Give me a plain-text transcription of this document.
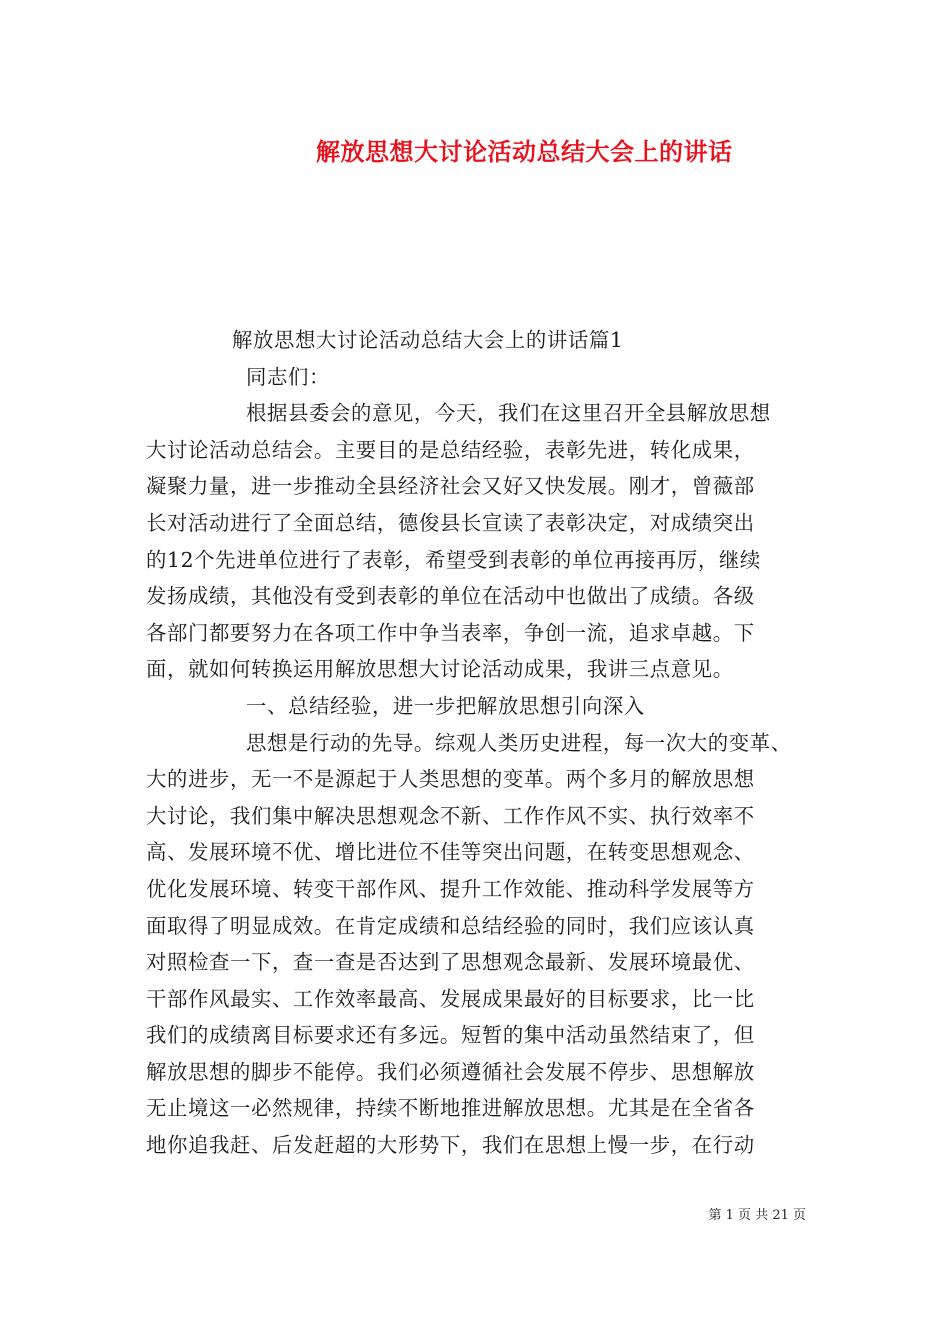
解放思想大讨论活动总结大会上的讲话
解放思想大讨论活动总结大会上的讲话篇1
同志们：
根据县委会的意见，今天，我们在这里召开全县解放思想
大讨论活动总结会。主要目的是总结经验，表彰先进，转化成果，
凝聚力量，进一步推动全县经济社会又好又快发展。刚才，曾薇部
长对活动进行了全面总结，德俊县长宣读了表彰决定，对成绩突出
的12个先进单位进行了表彰，希望受到表彰的单位再接再厉，继续
发扬成绩，其他没有受到表彰的单位在活动中也做出了成绩。各级
各部门都要努力在各项工作中争当表率，争创一流，追求卓越。下
面，就如何转换运用解放思想大讨论活动成果，我讲三点意见。
一、总结经验，进一步把解放思想引向深入
思想是行动的先导。综观人类历史进程，每一次大的变革、
大的进步，无一不是源起于人类思想的变革。两个多月的解放思想
大讨论，我们集中解决思想观念不新、工作作风不实、执行效率不
高、发展环境不优、增比进位不佳等突出问题，在转变思想观念、
优化发展环境、转变干部作风、提升工作效能、推动科学发展等方
面取得了明显成效。在肯定成绩和总结经验的同时，我们应该认真
对照检查一下，查一查是否达到了思想观念最新、发展环境最优、
干部作风最实、工作效率最高、发展成果最好的目标要求，比一比
我们的成绩离目标要求还有多远。短暂的集中活动虽然结束了，但
解放思想的脚步不能停。我们必须遵循社会发展不停步、思想解放
无止境这一必然规律，持续不断地推进解放思想。尤其是在全省各
地你追我赶、后发赶超的大形势下，我们在思想上慢一步，在行动
第 1 页 共 21 页
